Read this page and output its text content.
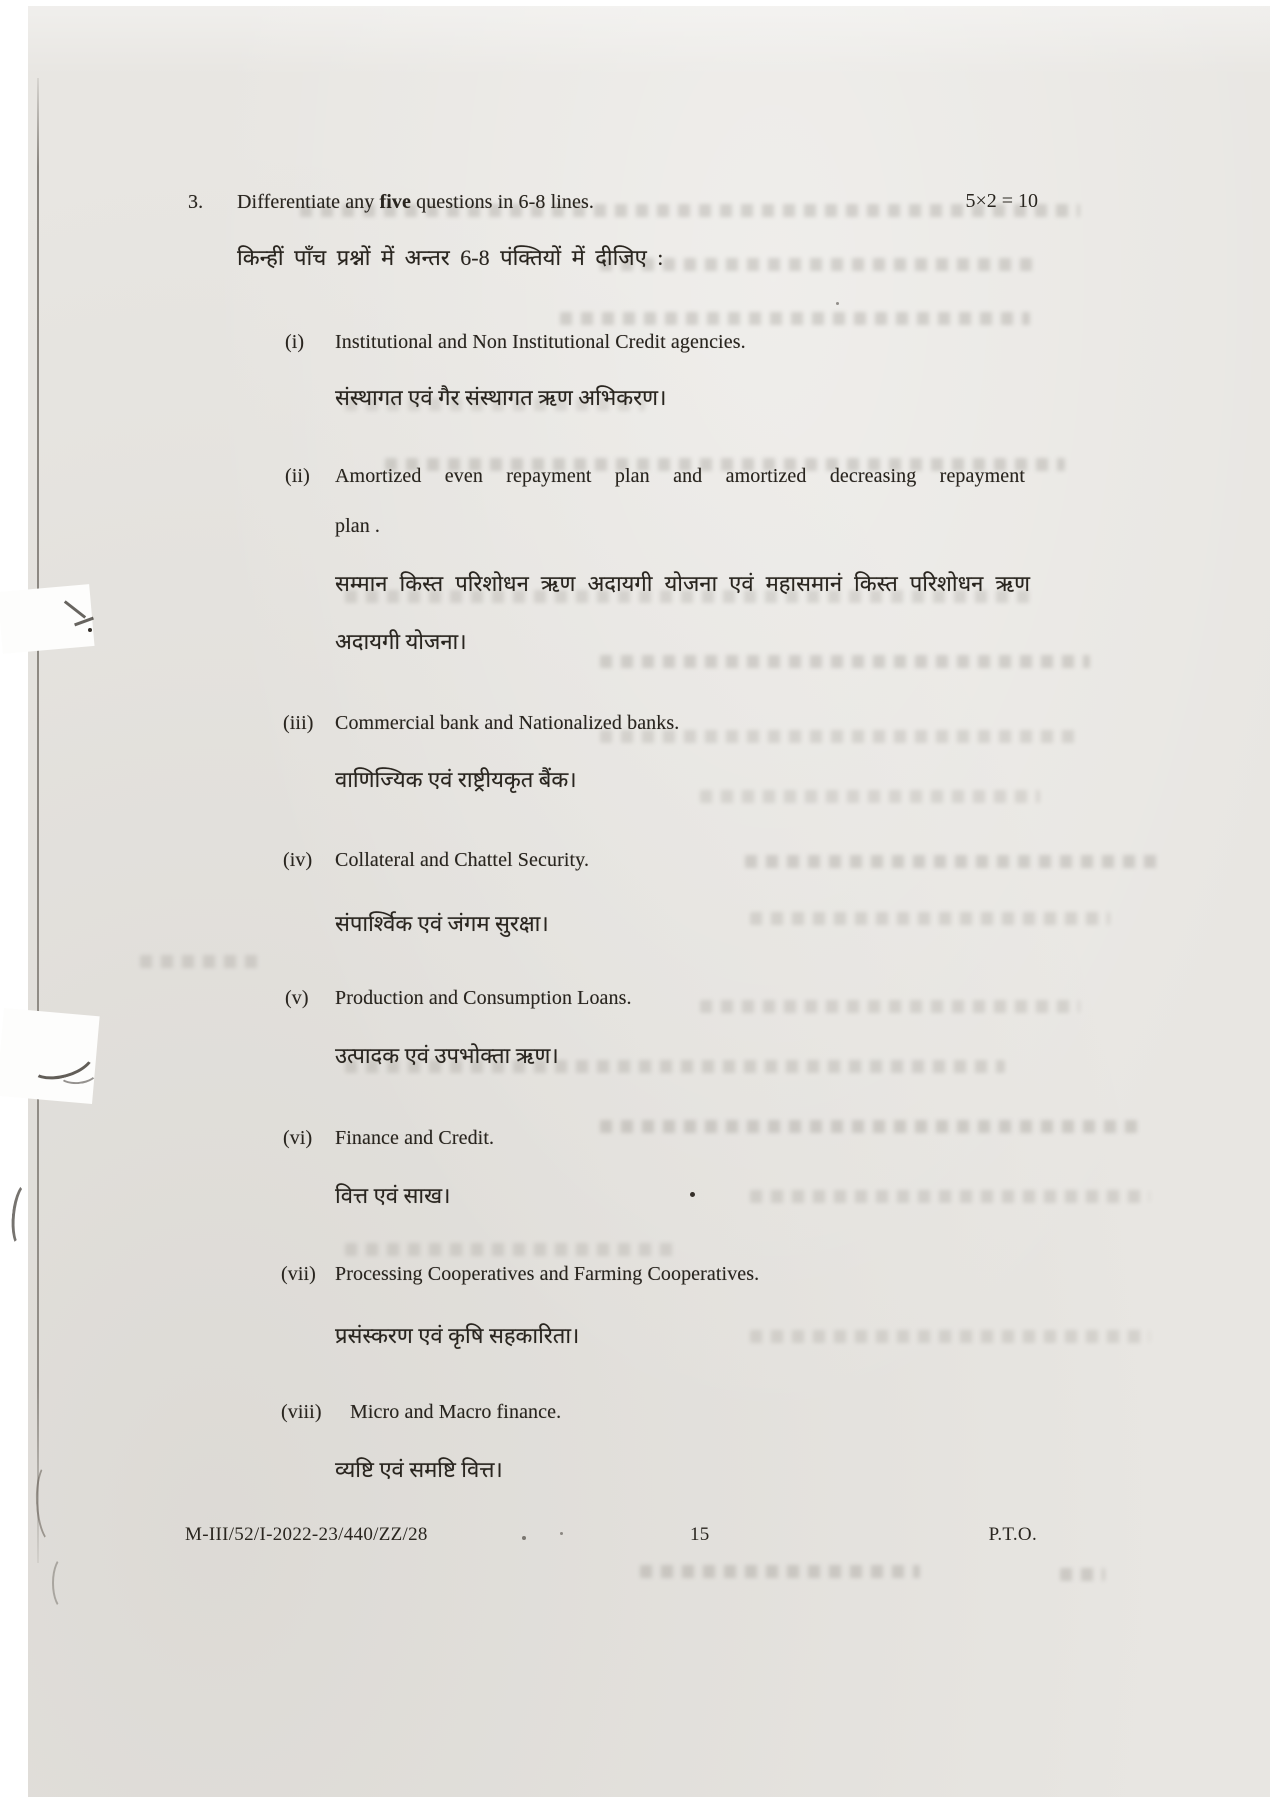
3. Differentiate any five questions in 6-8 lines.	5×2 = 10
किन्हीं पाँच प्रश्नों में अन्तर 6-8 पंक्तियों में दीजिए :
(i) Institutional and Non Institutional Credit agencies.
संस्थागत एवं गैर संस्थागत ऋण अभिकरण।
(ii) Amortized even repayment plan and amortized decreasing repayment
plan .
सम्मान किस्त परिशोधन ऋण अदायगी योजना एवं महासमानं किस्त परिशोधन ऋण
अदायगी योजना।
(iii) Commercial bank and Nationalized banks.
वाणिज्यिक एवं राष्ट्रीयकृत बैंक।
(iv) Collateral and Chattel Security.
संपार्श्विक एवं जंगम सुरक्षा।
(v) Production and Consumption Loans.
उत्पादक एवं उपभोक्ता ऋण।
(vi) Finance and Credit.
वित्त एवं साख।
(vii) Processing Cooperatives and Farming Cooperatives.
प्रसंस्करण एवं कृषि सहकारिता।
(viii) Micro and Macro finance.
व्यष्टि एवं समष्टि वित्त।
M-III/52/I-2022-23/440/ZZ/28	15	P.T.O.
